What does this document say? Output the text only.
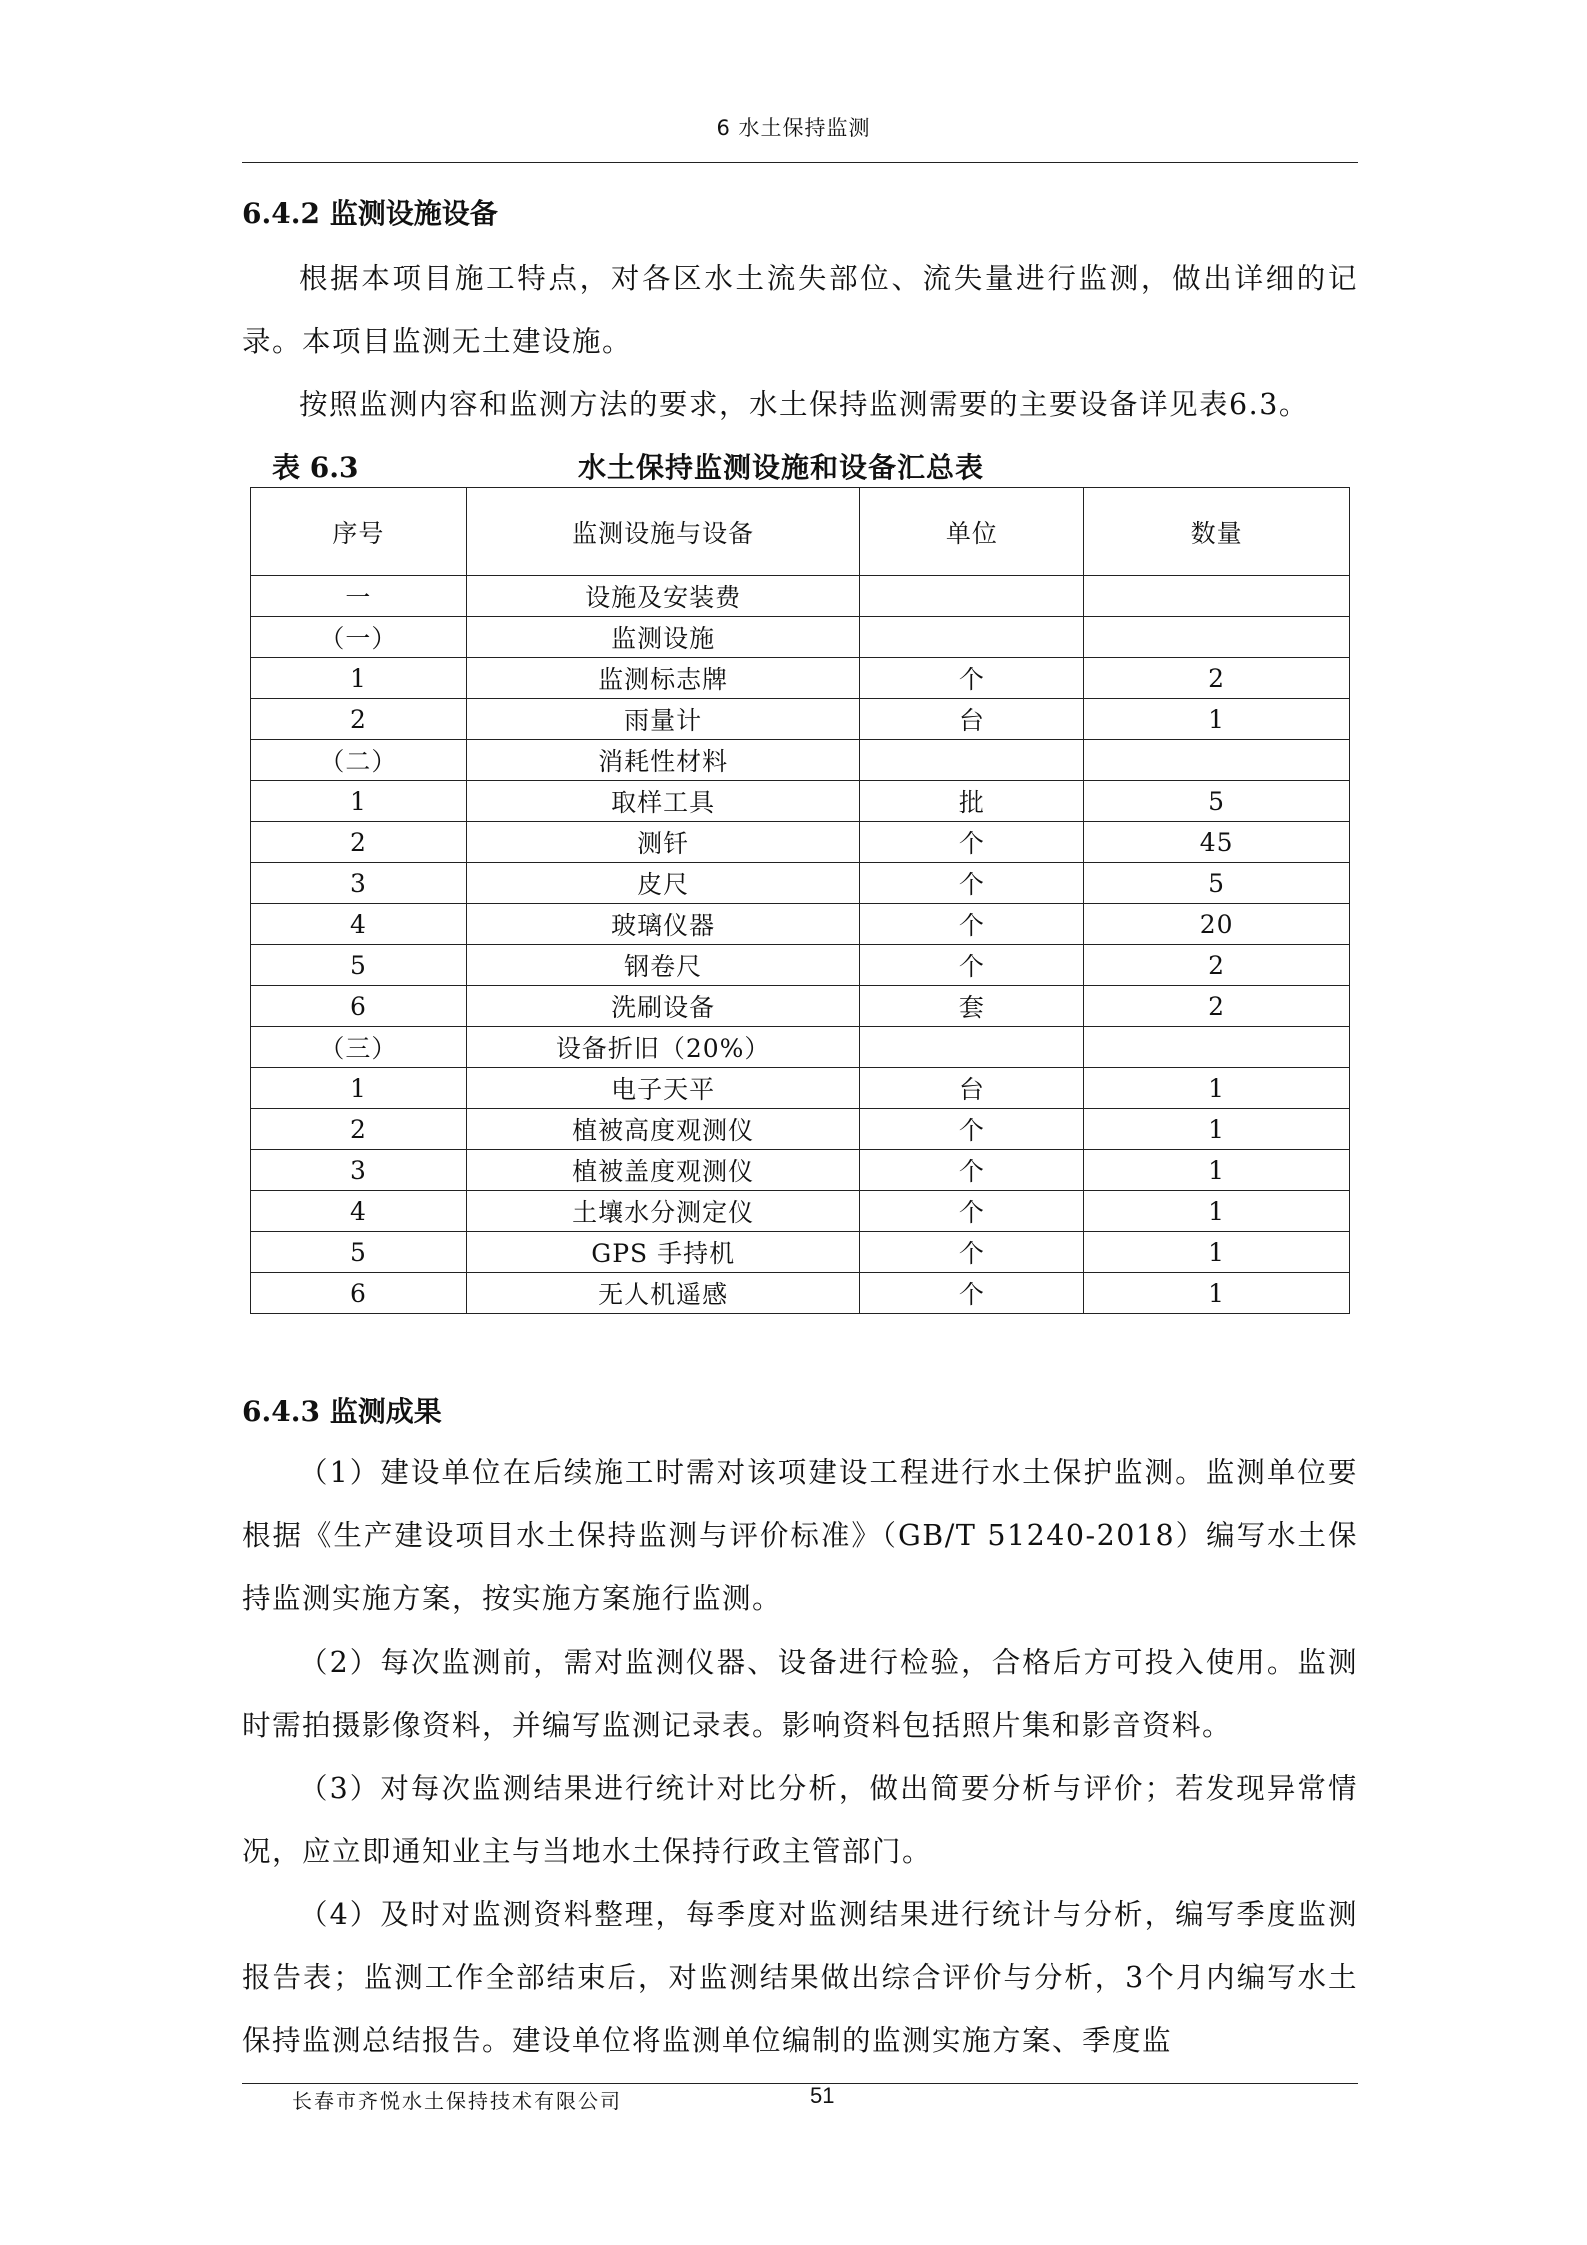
6 水土保持监测
6.4.2 监测设施设备
根据本项目施工特点，对各区水土流失部位、流失量进行监测，做出详细的记录。本项目监测无土建设施。
按照监测内容和监测方法的要求，水土保持监测需要的主要设备详见表6.3。
表 6.3	水土保持监测设施和设备汇总表
序号	监测设施与设备	单位	数量
一	设施及安装费		
（一）	监测设施		
1	监测标志牌	个	2
2	雨量计	台	1
（二）	消耗性材料		
1	取样工具	批	5
2	测钎	个	45
3	皮尺	个	5
4	玻璃仪器	个	20
5	钢卷尺	个	2
6	洗刷设备	套	2
（三）	设备折旧（20%）		
1	电子天平	台	1
2	植被高度观测仪	个	1
3	植被盖度观测仪	个	1
4	土壤水分测定仪	个	1
5	GPS 手持机	个	1
6	无人机遥感	个	1
6.4.3 监测成果
（1）建设单位在后续施工时需对该项建设工程进行水土保护监测。监测单位要根据《生产建设项目水土保持监测与评价标准》（GB/T 51240-2018）编写水土保持监测实施方案，按实施方案施行监测。
（2）每次监测前，需对监测仪器、设备进行检验，合格后方可投入使用。监测时需拍摄影像资料，并编写监测记录表。影响资料包括照片集和影音资料。
（3）对每次监测结果进行统计对比分析，做出简要分析与评价；若发现异常情况，应立即通知业主与当地水土保持行政主管部门。
（4）及时对监测资料整理，每季度对监测结果进行统计与分析，编写季度监测报告表；监测工作全部结束后，对监测结果做出综合评价与分析，3个月内编写水土保持监测总结报告。建设单位将监测单位编制的监测实施方案、季度监
长春市齐悦水土保持技术有限公司	51
